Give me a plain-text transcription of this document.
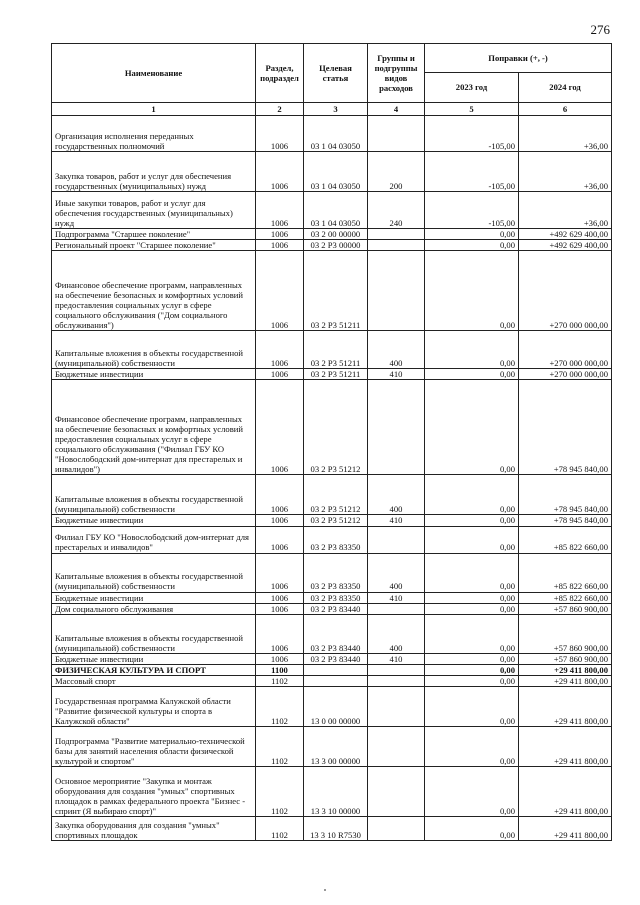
276
Наименование	Раздел, подраздел	Целевая статья	Группы и подгруппы видов расходов	Поправки (+, -)	
				2023 год	2024 год
1	2	3	4	5	6
Организация исполнения переданных государственных полномочий	1006	03 1 04 03050		-105,00	+36,00
Закупка товаров, работ и услуг для обеспечения государственных (муниципальных) нужд	1006	03 1 04 03050	200	-105,00	+36,00
Иные закупки товаров, работ и услуг для обеспечения государственных (муниципальных) нужд	1006	03 1 04 03050	240	-105,00	+36,00
Подпрограмма "Старшее поколение"	1006	03 2 00 00000		0,00	+492 629 400,00
Региональный проект "Старшее поколение"	1006	03 2 P3 00000		0,00	+492 629 400,00
Финансовое обеспечение программ, направленных на обеспечение безопасных и комфортных условий предоставления социальных услуг в сфере социального обслуживания ("Дом социального обслуживания")	1006	03 2 P3 51211		0,00	+270 000 000,00
Капитальные вложения в объекты государственной (муниципальной) собственности	1006	03 2 P3 51211	400	0,00	+270 000 000,00
Бюджетные инвестиции	1006	03 2 P3 51211	410	0,00	+270 000 000,00
Финансовое обеспечение программ, направленных на обеспечение безопасных и комфортных условий предоставления социальных услуг в сфере социального обслуживания ("Филиал ГБУ КО "Новослободский дом-интернат для престарелых и инвалидов")	1006	03 2 P3 51212		0,00	+78 945 840,00
Капитальные вложения в объекты государственной (муниципальной) собственности	1006	03 2 P3 51212	400	0,00	+78 945 840,00
Бюджетные инвестиции	1006	03 2 P3 51212	410	0,00	+78 945 840,00
Филиал ГБУ КО "Новослободский дом-интернат для престарелых и инвалидов"	1006	03 2 P3 83350		0,00	+85 822 660,00
Капитальные вложения в объекты государственной (муниципальной) собственности	1006	03 2 P3 83350	400	0,00	+85 822 660,00
Бюджетные инвестиции	1006	03 2 P3 83350	410	0,00	+85 822 660,00
Дом социального обслуживания	1006	03 2 P3 83440		0,00	+57 860 900,00
Капитальные вложения в объекты государственной (муниципальной) собственности	1006	03 2 P3 83440	400	0,00	+57 860 900,00
Бюджетные инвестиции	1006	03 2 P3 83440	410	0,00	+57 860 900,00
ФИЗИЧЕСКАЯ КУЛЬТУРА И СПОРТ	1100			0,00	+29 411 800,00
Массовый спорт	1102			0,00	+29 411 800,00
Государственная программа Калужской области "Развитие физической культуры и спорта в Калужской области"	1102	13 0 00 00000		0,00	+29 411 800,00
Подпрограмма "Развитие материально-технической базы для занятий населения области физической культурой и спортом"	1102	13 3 00 00000		0,00	+29 411 800,00
Основное мероприятие "Закупка и монтаж оборудования для создания "умных" спортивных площадок в рамках федерального проекта "Бизнес - спринт (Я выбираю спорт)"	1102	13 3 10 00000		0,00	+29 411 800,00
Закупка оборудования для создания "умных" спортивных площадок	1102	13 3 10 R7530		0,00	+29 411 800,00
